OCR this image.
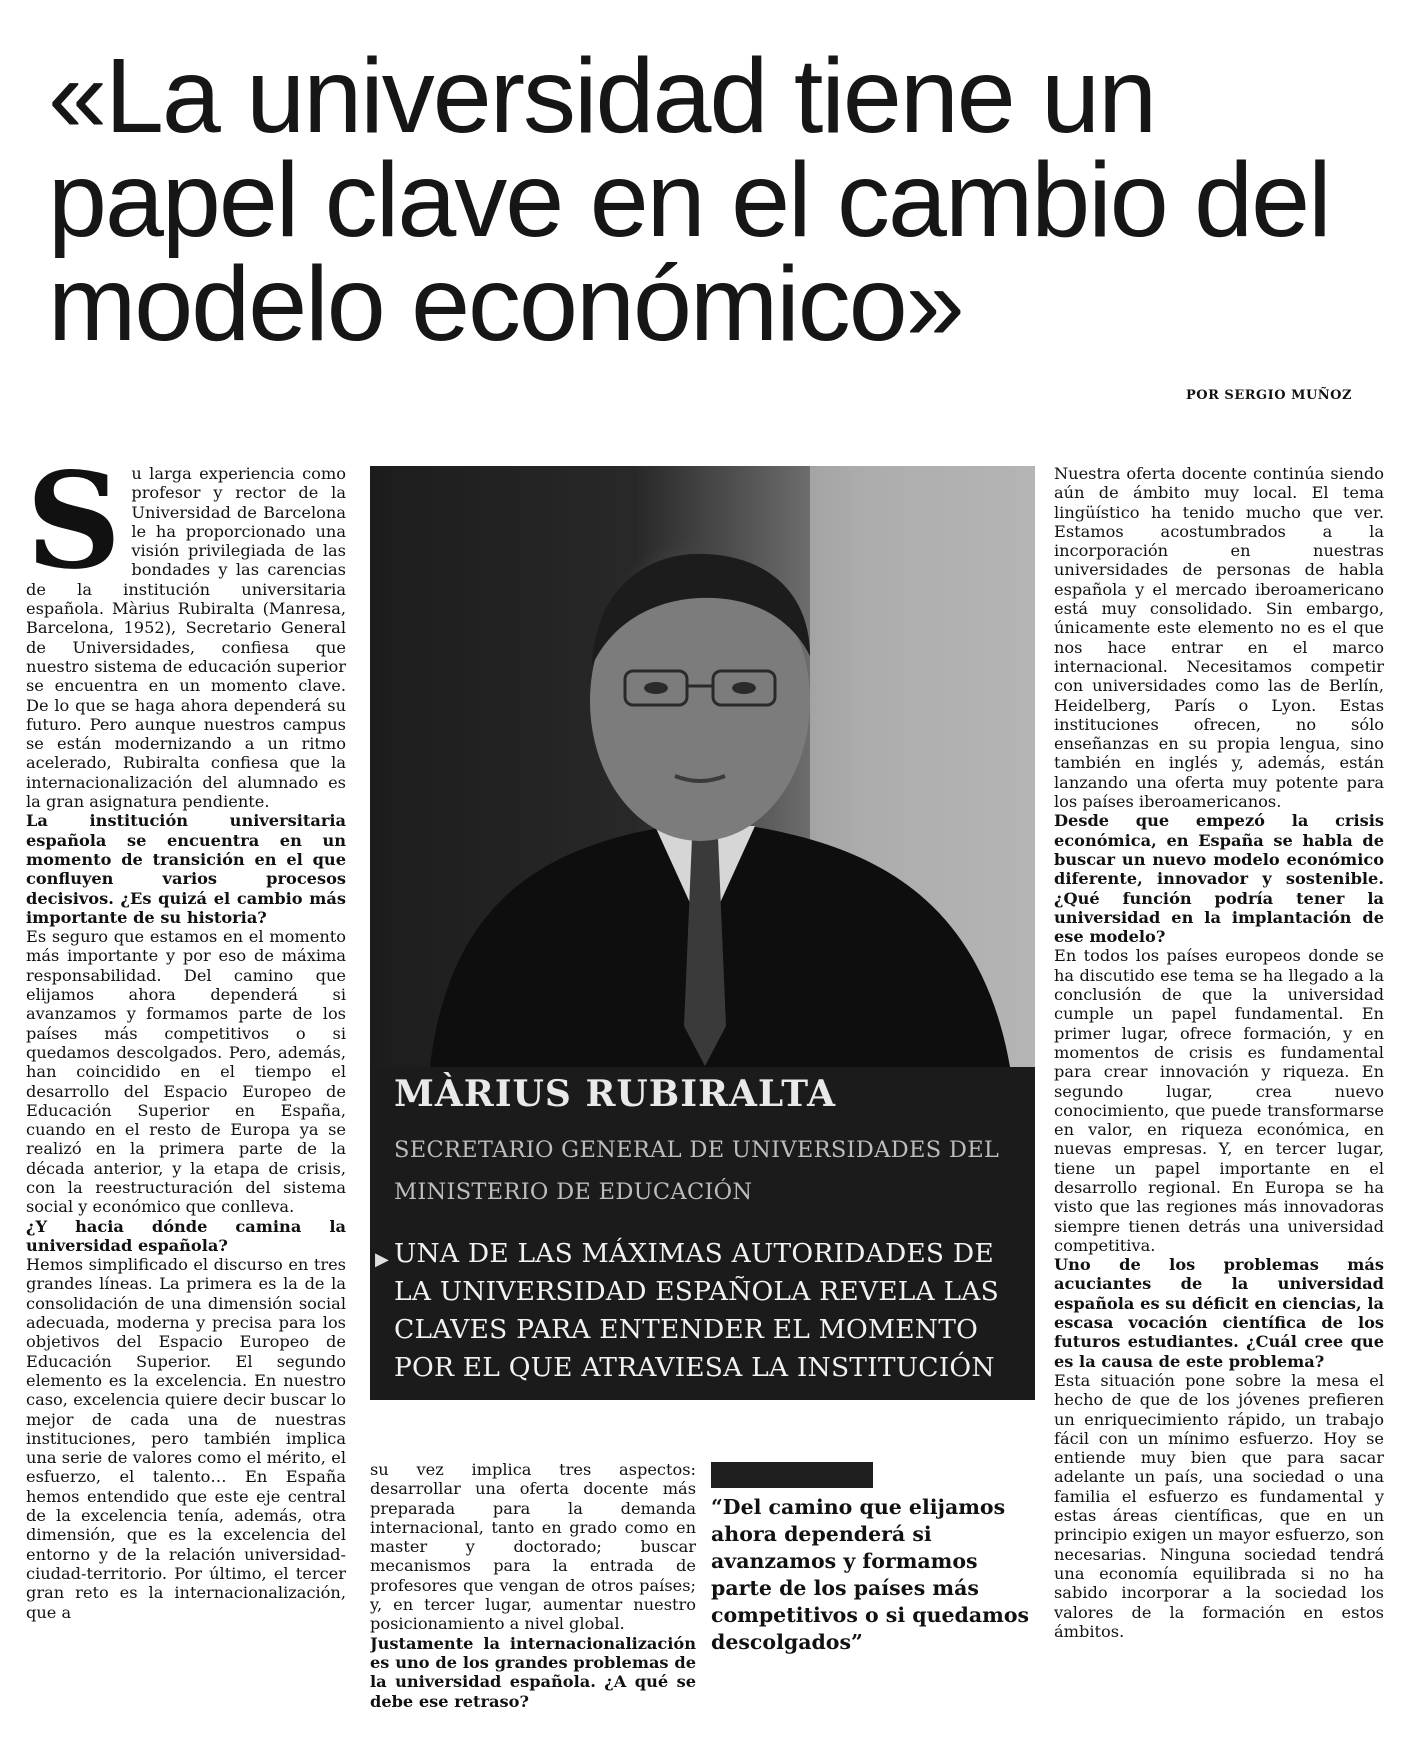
«La universidad tiene un papel clave en el cambio del modelo económico»
POR SERGIO MUÑOZ
S u larga experiencia como profesor y rector de la Universidad de Barcelona le ha proporcionado una visión privilegiada de las bondades y las carencias de la institución universitaria española. Màrius Rubiralta (Manresa, Barcelona, 1952), Secretario General de Universidades, confiesa que nuestro sistema de educación superior se encuentra en un momento clave. De lo que se haga ahora dependerá su futuro. Pero aunque nuestros campus se están modernizando a un ritmo acelerado, Rubiralta confiesa que la internacionalización del alumnado es la gran asignatura pendiente.

La institución universitaria española se encuentra en un momento de transición en el que confluyen varios procesos decisivos. ¿Es quizá el cambio más importante de su historia?

Es seguro que estamos en el momento más importante y por eso de máxima responsabilidad. Del camino que elijamos ahora dependerá si avanzamos y formamos parte de los países más competitivos o si quedamos descolgados. Pero, además, han coincidido en el tiempo el desarrollo del Espacio Europeo de Educación Superior en España, cuando en el resto de Europa ya se realizó en la primera parte de la década anterior, y la etapa de crisis, con la reestructuración del sistema social y económico que conlleva.

¿Y hacia dónde camina la universidad española?

Hemos simplificado el discurso en tres grandes líneas. La primera es la de la consolidación de una dimensión social adecuada, moderna y precisa para los objetivos del Espacio Europeo de Educación Superior. El segundo elemento es la excelencia. En nuestro caso, excelencia quiere decir buscar lo mejor de cada una de nuestras instituciones, pero también implica una serie de valores como el mérito, el esfuerzo, el talento… En España hemos entendido que este eje central de la excelencia tenía, además, otra dimensión, que es la excelencia del entorno y de la relación universidad-ciudad-territorio. Por último, el tercer gran reto es la internacionalización, que a

MÀRIUS RUBIRALTA

SECRETARIO GENERAL DE UNIVERSIDADES DEL MINISTERIO DE EDUCACIÓN

▶ UNA DE LAS MÁXIMAS AUTORIDADES DE LA UNIVERSIDAD ESPAÑOLA REVELA LAS CLAVES PARA ENTENDER EL MOMENTO POR EL QUE ATRAVIESA LA INSTITUCIÓN

su vez implica tres aspectos: desarrollar una oferta docente más preparada para la demanda internacional, tanto en grado como en master y doctorado; buscar mecanismos para la entrada de profesores que vengan de otros países; y, en tercer lugar, aumentar nuestro posicionamiento a nivel global.

Justamente la internacionalización es uno de los grandes problemas de la universidad española. ¿A qué se debe ese retraso?

“Del camino que elijamos ahora dependerá si avanzamos y formamos parte de los países más competitivos o si quedamos descolgados”

Nuestra oferta docente continúa siendo aún de ámbito muy local. El tema lingüístico ha tenido mucho que ver. Estamos acostumbrados a la incorporación en nuestras universidades de personas de habla española y el mercado iberoamericano está muy consolidado. Sin embargo, únicamente este elemento no es el que nos hace entrar en el marco internacional. Necesitamos competir con universidades como las de Berlín, Heidelberg, París o Lyon. Estas instituciones ofrecen, no sólo enseñanzas en su propia lengua, sino también en inglés y, además, están lanzando una oferta muy potente para los países iberoamericanos.

Desde que empezó la crisis económica, en España se habla de buscar un nuevo modelo económico diferente, innovador y sostenible. ¿Qué función podría tener la universidad en la implantación de ese modelo?

En todos los países europeos donde se ha discutido ese tema se ha llegado a la conclusión de que la universidad cumple un papel fundamental. En primer lugar, ofrece formación, y en momentos de crisis es fundamental para crear innovación y riqueza. En segundo lugar, crea nuevo conocimiento, que puede transformarse en valor, en riqueza económica, en nuevas empresas. Y, en tercer lugar, tiene un papel importante en el desarrollo regional. En Europa se ha visto que las regiones más innovadoras siempre tienen detrás una universidad competitiva.

Uno de los problemas más acuciantes de la universidad española es su déficit en ciencias, la escasa vocación científica de los futuros estudiantes. ¿Cuál cree que es la causa de este problema?

Esta situación pone sobre la mesa el hecho de que de los jóvenes prefieren un enriquecimiento rápido, un trabajo fácil con un mínimo esfuerzo. Hoy se entiende muy bien que para sacar adelante un país, una sociedad o una familia el esfuerzo es fundamental y estas áreas científicas, que en un principio exigen un mayor esfuerzo, son necesarias. Ninguna sociedad tendrá una economía equilibrada si no ha sabido incorporar a la sociedad los valores de la formación en estos ámbitos.
